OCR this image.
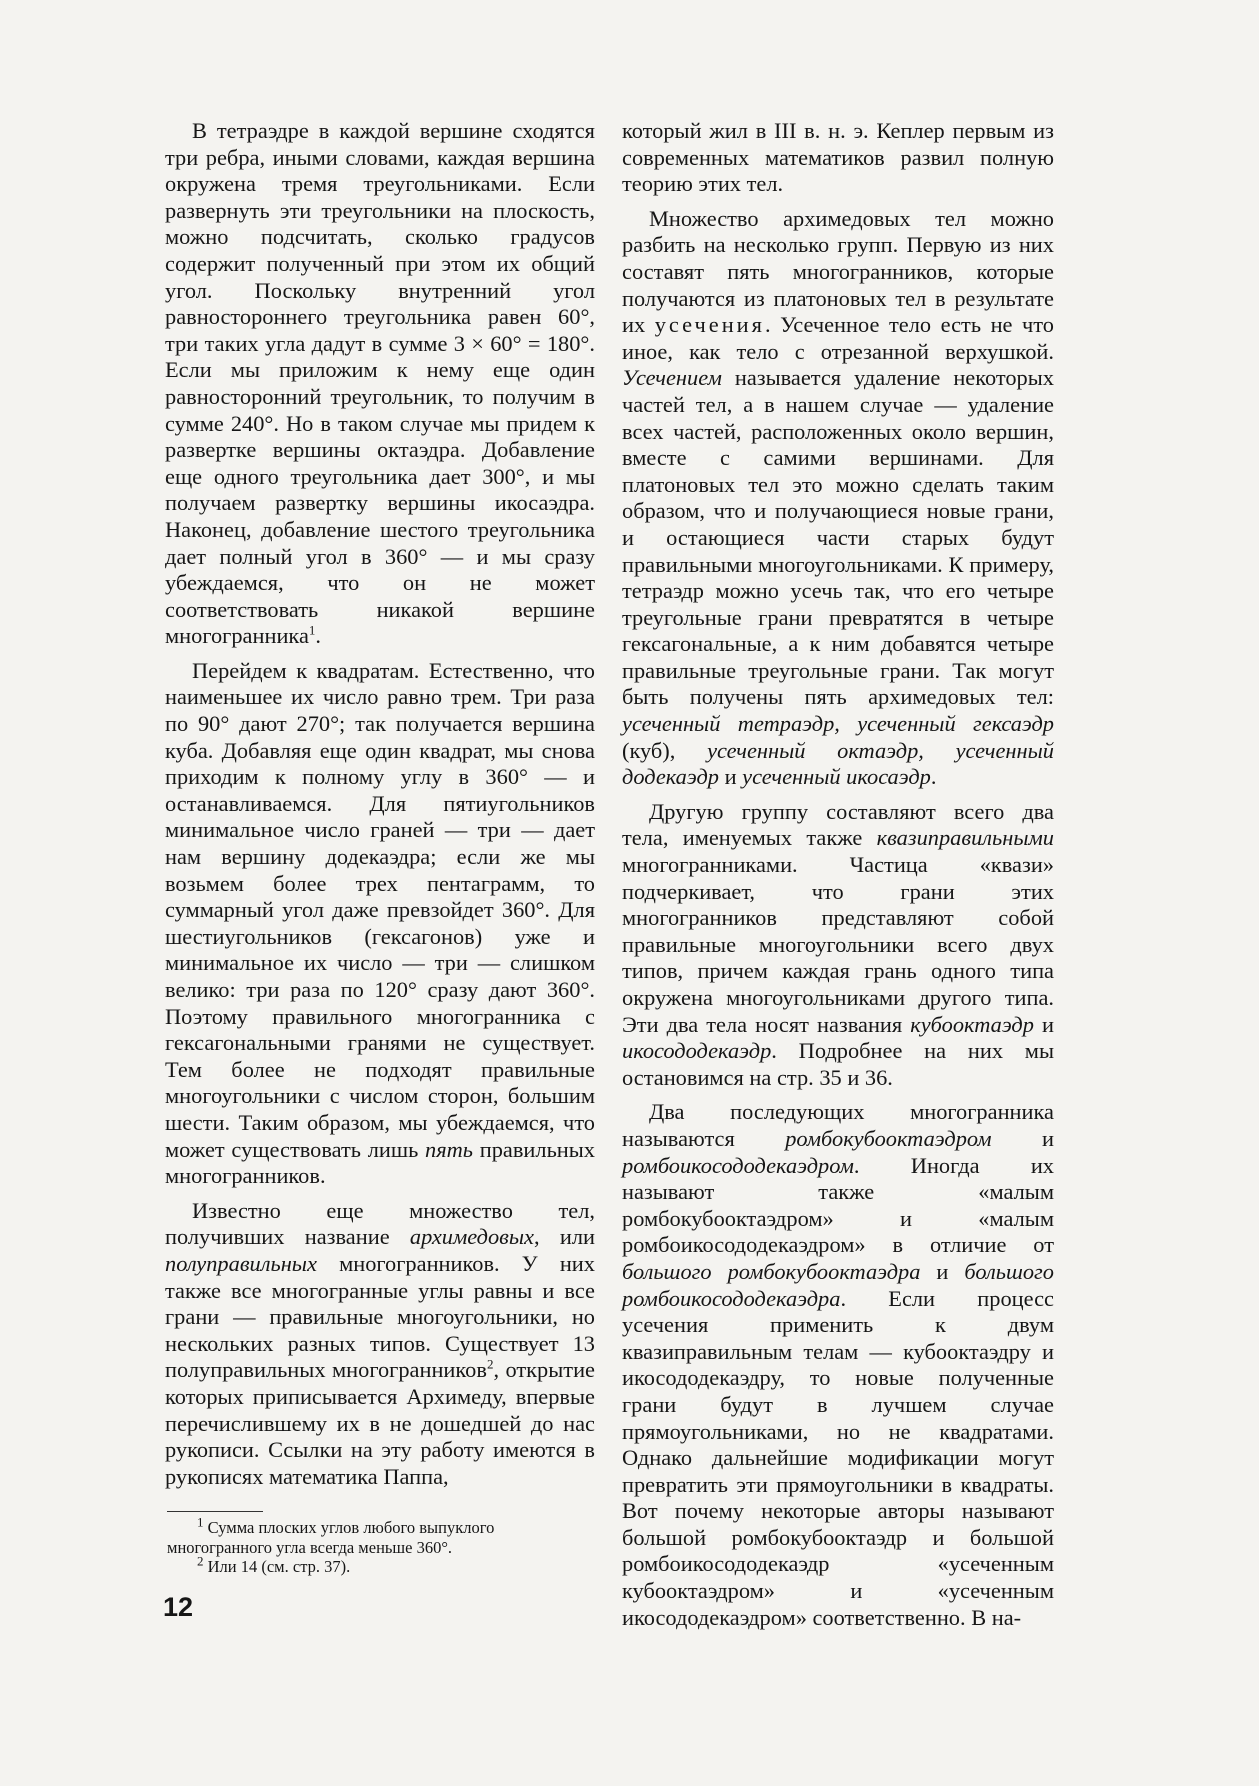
В тетраэдре в каждой вершине сходятся три ребра, иными словами, каждая вершина окружена тремя треугольниками. Если развернуть эти треугольники на плоскость, можно подсчитать, сколько градусов содержит полученный при этом их общий угол. Поскольку внутренний угол равностороннего треугольника равен 60°, три таких угла дадут в сумме 3 × 60° = 180°. Если мы приложим к нему еще один равносторонний треугольник, то получим в сумме 240°. Но в таком случае мы придем к развертке вершины октаэдра. Добавление еще одного треугольника дает 300°, и мы получаем развертку вершины икосаэдра. Наконец, добавление шестого треугольника дает полный угол в 360° — и мы сразу убеждаемся, что он не может соответствовать никакой вершине многогранника$^1$.

Перейдем к квадратам. Естественно, что наименьшее их число равно трем. Три раза по 90° дают 270°; так получается вершина куба. Добавляя еще один квадрат, мы снова приходим к полному углу в 360° — и останавливаемся. Для пятиугольников минимальное число граней — три — дает нам вершину додекаэдра; если же мы возьмем более трех пентаграмм, то суммарный угол даже превзойдет 360°. Для шестиугольников (гексагонов) уже и минимальное их число — три — слишком велико: три раза по 120° сразу дают 360°. Поэтому правильного многогранника с гексагональными гранями не существует. Тем более не подходят правильные многоугольники с числом сторон, большим шести. Таким образом, мы убеждаемся, что может существовать лишь пять правильных многогранников.

Известно еще множество тел, получивших название архимедовых, или полуправильных многогранников. У них также все многогранные углы равны и все грани — правильные многоугольники, но нескольких разных типов. Существует 13 полуправильных многогранников$^2$, открытие которых приписывается Архимеду, впервые перечислившему их в не дошедшей до нас рукописи. Ссылки на эту работу имеются в рукописях математика Паппа,

который жил в III в. н. э. Кеплер первым из современных математиков развил полную теорию этих тел.

Множество архимедовых тел можно разбить на несколько групп. Первую из них составят пять многогранников, которые получаются из платоновых тел в результате их усечения. Усеченное тело есть не что иное, как тело с отрезанной верхушкой. Усечением называется удаление некоторых частей тел, а в нашем случае — удаление всех частей, расположенных около вершин, вместе с самими вершинами. Для платоновых тел это можно сделать таким образом, что и получающиеся новые грани, и остающиеся части старых будут правильными многоугольниками. К примеру, тетраэдр можно усечь так, что его четыре треугольные грани превратятся в четыре гексагональные, а к ним добавятся четыре правильные треугольные грани. Так могут быть получены пять архимедовых тел: усеченный тетраэдр, усеченный гексаэдр (куб), усеченный октаэдр, усеченный додекаэдр и усеченный икосаэдр.

Другую группу составляют всего два тела, именуемых также квазиправильными многогранниками. Частица «квази» подчеркивает, что грани этих многогранников представляют собой правильные многоугольники всего двух типов, причем каждая грань одного типа окружена многоугольниками другого типа. Эти два тела носят названия кубооктаэдр и икосододекаэдр. Подробнее на них мы остановимся на стр. 35 и 36.

Два последующих многогранника называются ромбокубооктаэдром и ромбоикосододекаэдром. Иногда их называют также «малым ромбокубооктаэдром» и «малым ромбоикосододекаэдром» в отличие от большого ромбокубооктаэдра и большого ромбоикосододекаэдра. Если процесс усечения применить к двум квазиправильным телам — кубооктаэдру и икосододекаэдру, то новые полученные грани будут в лучшем случае прямоугольниками, но не квадратами. Однако дальнейшие модификации могут превратить эти прямоугольники в квадраты. Вот почему некоторые авторы называют большой ромбокубооктаэдр и большой ромбоикосододекаэдр «усеченным кубооктаэдром» и «усеченным икосододекаэдром» соответственно. В на-

$^1$ Сумма плоских углов любого выпуклого многогранного угла всегда меньше 360°.

$^2$ Или 14 (см. стр. 37).

12
